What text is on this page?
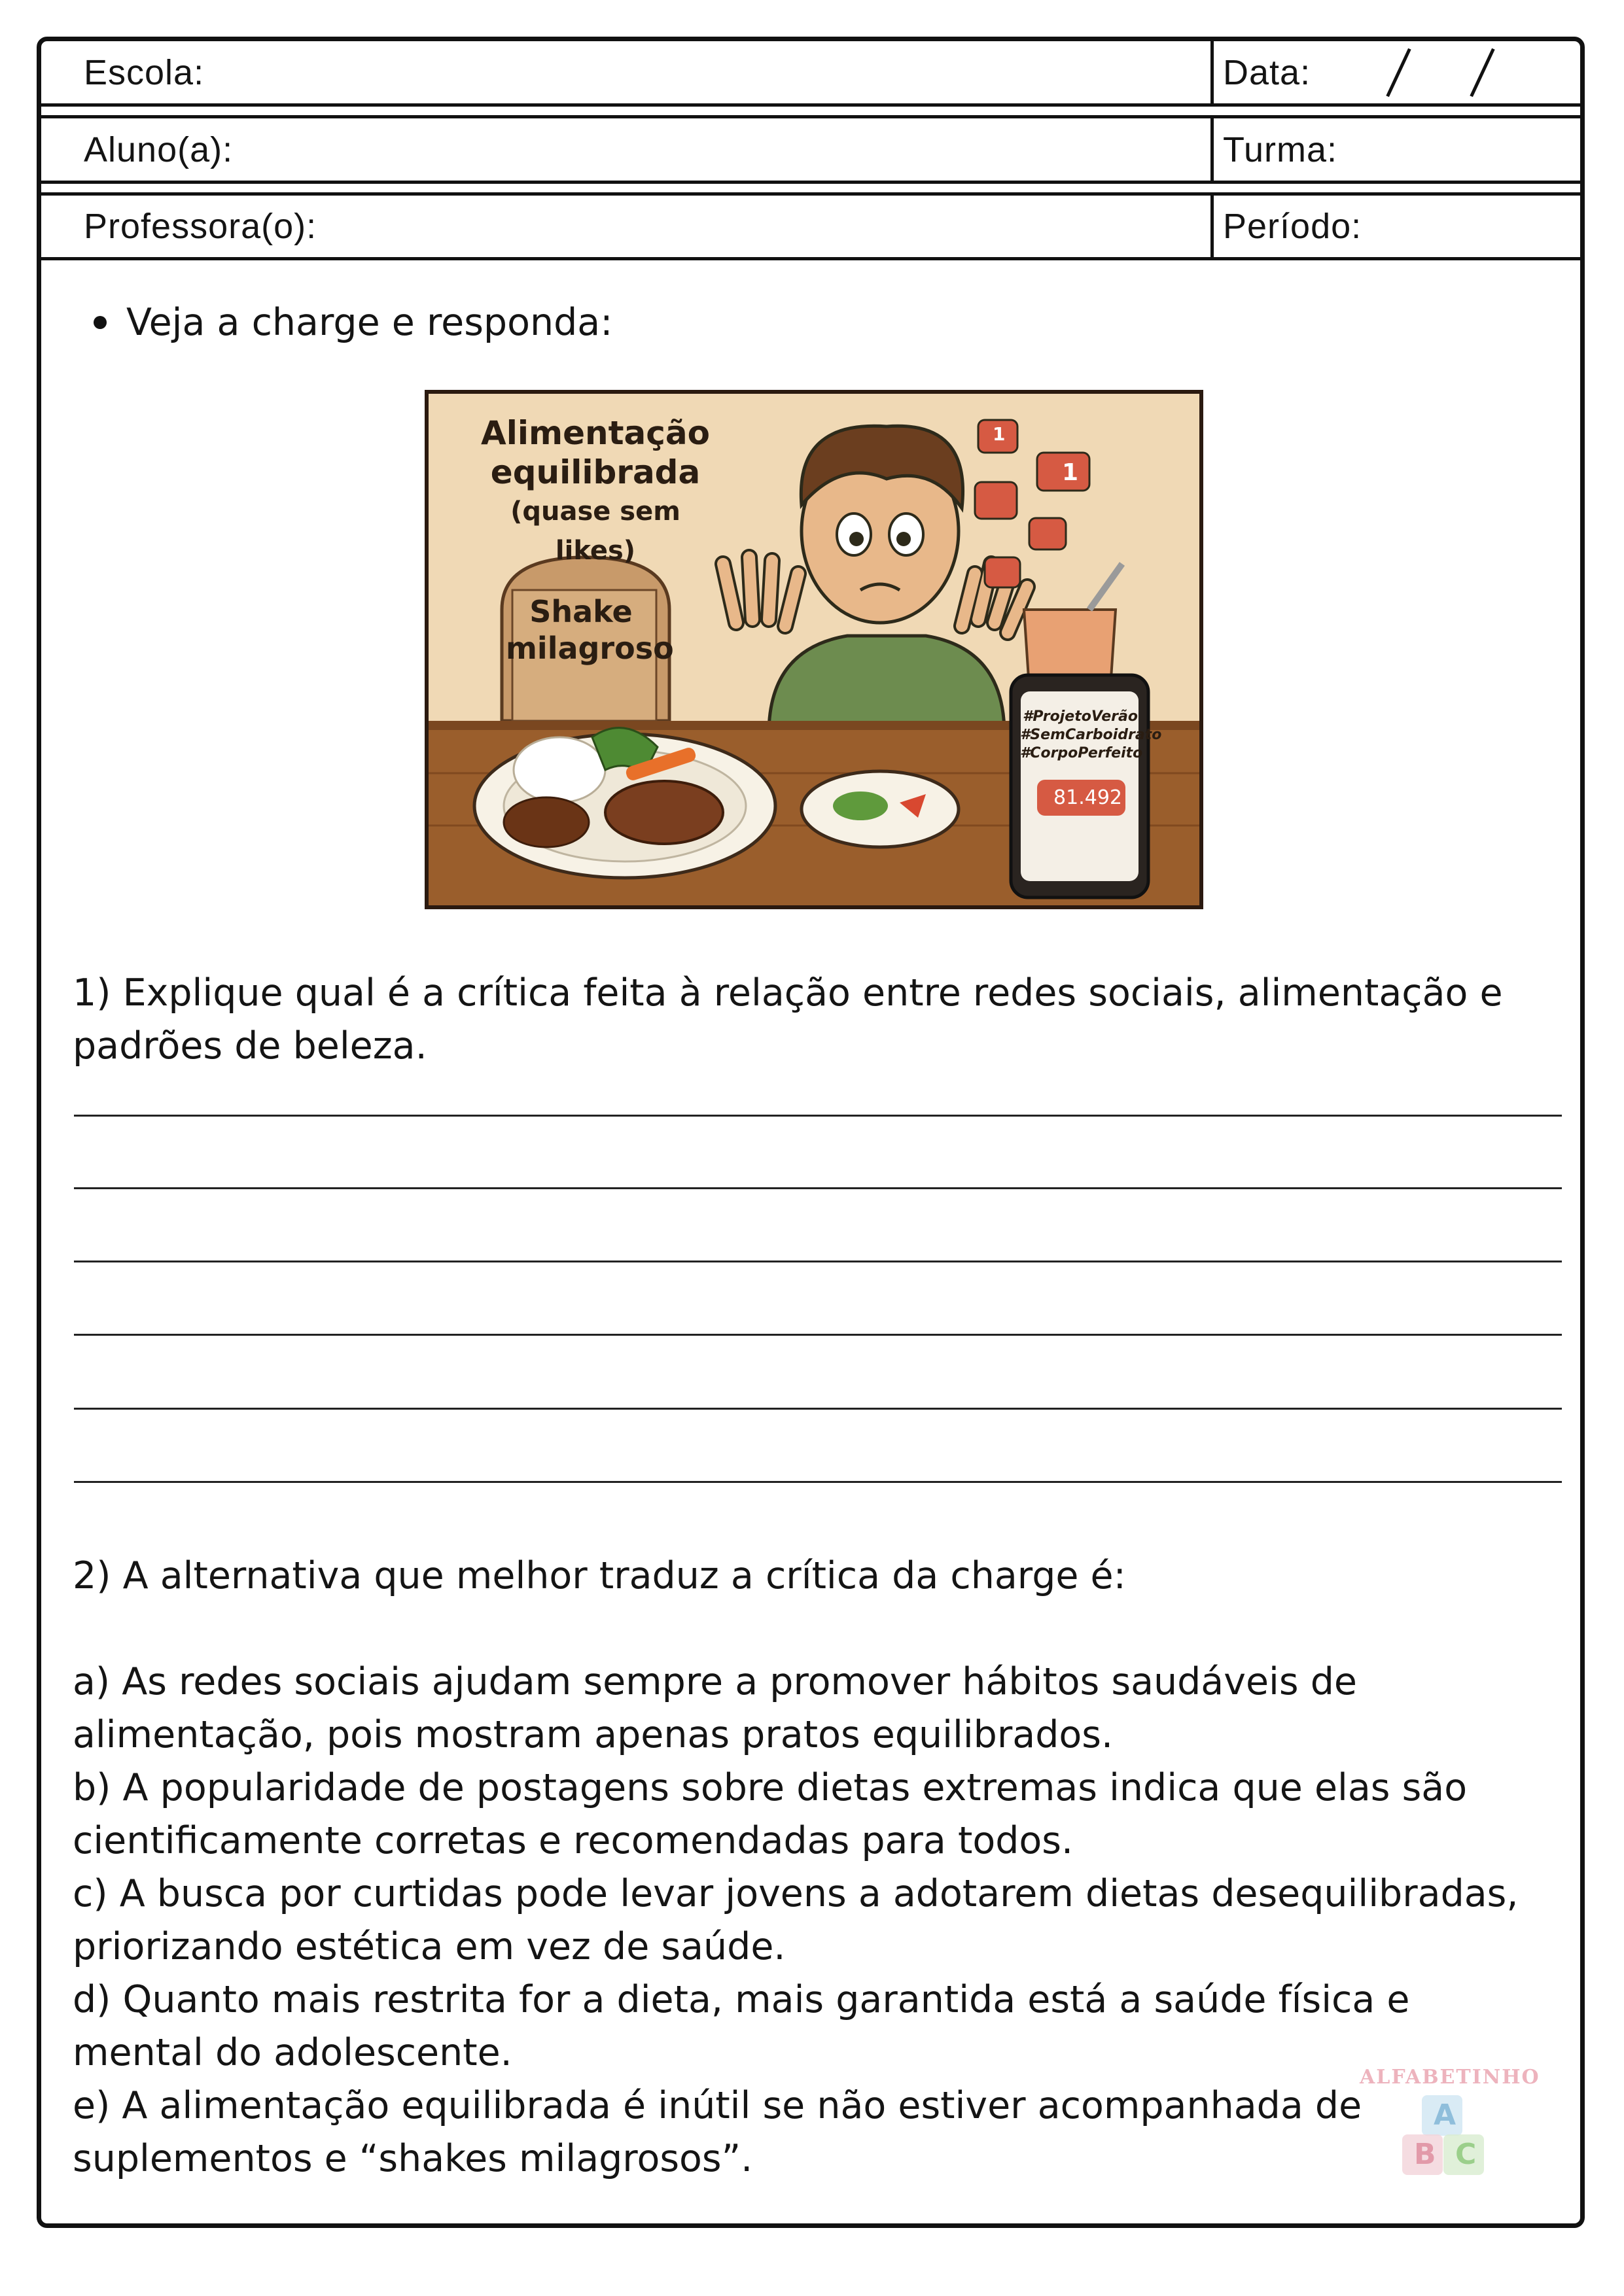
Escola:	Data:
Aluno(a):	Turma:
Professora(o):	Período:
Veja a charge e responda:
Alimentação
equilibrada
(quase sem likes)
Shake
milagroso
1
1
#ProjetoVerão
#SemCarboidrato
#CorpoPerfeito
81.492
1) Explique qual é a crítica feita à relação entre redes sociais, alimentação e padrões de beleza.
2) A alternativa que melhor traduz a crítica da charge é:
a) As redes sociais ajudam sempre a promover hábitos saudáveis de alimentação, pois mostram apenas pratos equilibrados.
b) A popularidade de postagens sobre dietas extremas indica que elas são cientificamente corretas e recomendadas para todos.
c) A busca por curtidas pode levar jovens a adotarem dietas desequilibradas, priorizando estética em vez de saúde.
d) Quanto mais restrita for a dieta, mais garantida está a saúde física e mental do adolescente.
e) A alimentação equilibrada é inútil se não estiver acompanhada de suplementos e “shakes milagrosos”.
A
B C
ALFABETINHO
